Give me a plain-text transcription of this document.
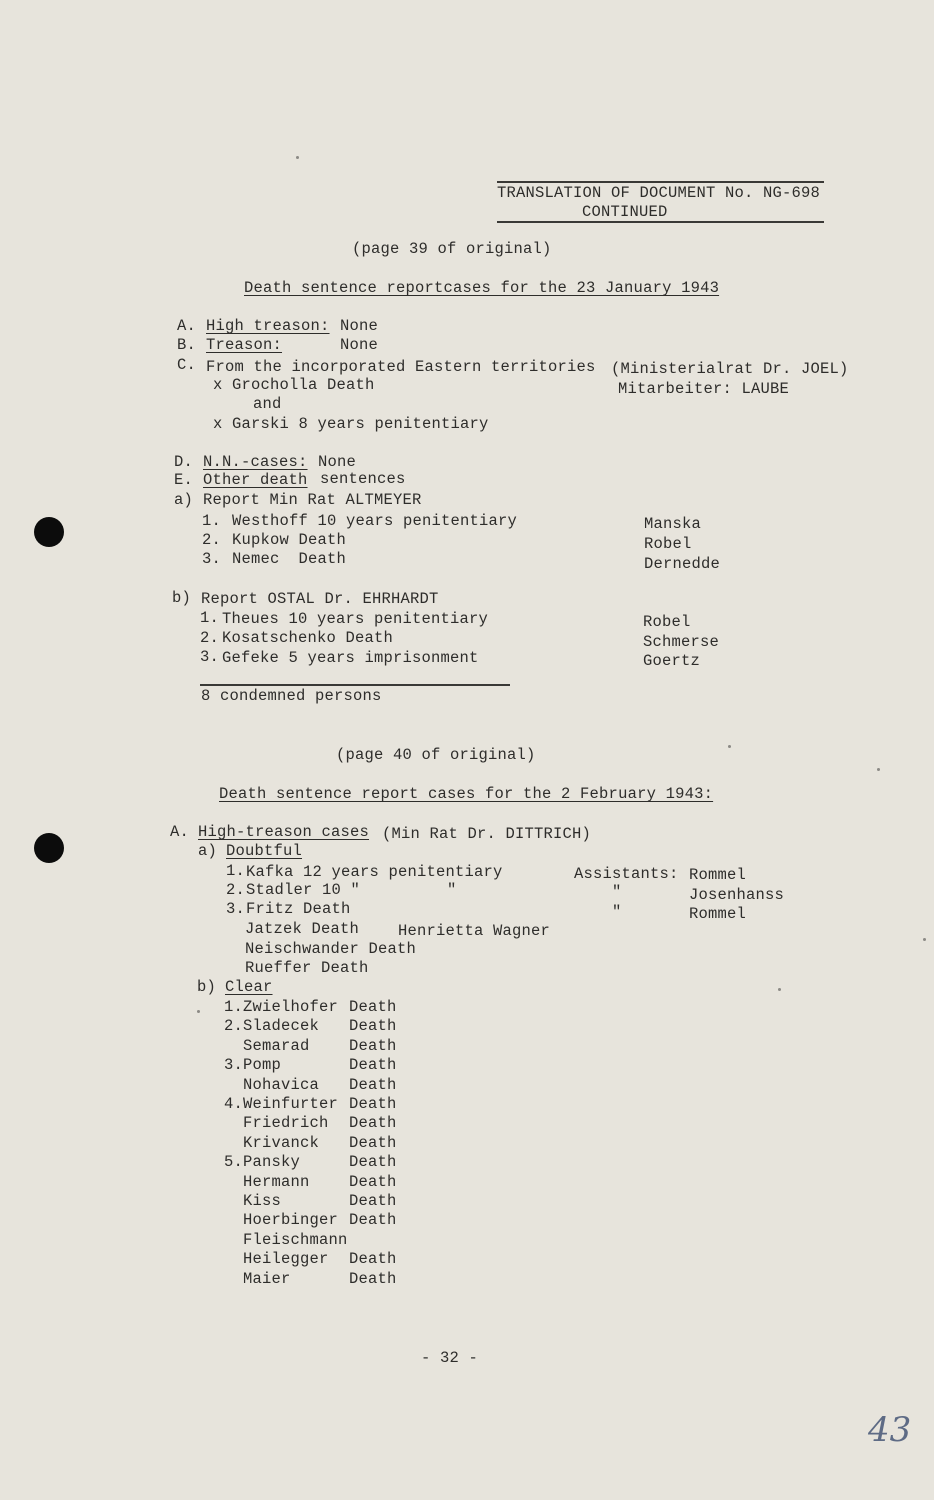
TRANSLATION OF DOCUMENT No. NG-698
CONTINUED
(page 39 of original)
Death sentence reportcases for the 23 January 1943
A. High treason: None
B. Treason:	None
C. From the incorporated Eastern territories (Ministerialrat Dr. JOEL)
Mitarbeiter: LAUBE
x Grocholla Death
and
x Garski 8 years penitentiary
D. N.N.-cases: None
E. Other death sentences
a) Report Min Rat ALTMEYER
1. Westhoff 10 years penitentiary	Manska
2. Kupkow Death	Robel
3. Nemec  Death	Dernedde
b) Report OSTAL Dr. EHRHARDT
1. Theues 10 years penitentiary	Robel
2. Kosatschenko Death	Schmerse
3. Gefeke 5 years imprisonment	Goertz
8 condemned persons
(page 40 of original)
Death sentence report cases for the 2 February 1943:
A. High-treason cases (Min Rat Dr. DITTRICH)
a) Doubtful
1. Kafka 12 years penitentiary	Assistants: Rommel
2. Stadler 10 "	"	"	Josenhanss
3. Fritz Death	"	Rommel
Jatzek Death	Henrietta Wagner
Neischwander Death
Rueffer Death
b) Clear
1. Zwielhofer Death
2. Sladecek Death
Semarad	Death
3. Pomp	Death
Nohavica Death
4. Weinfurter Death
Friedrich Death
Krivanck Death
5. Pansky	Death
Hermann	Death
Kiss	Death
Hoerbinger Death
Fleischmann
Heilegger Death
Maier	Death
- 32 -
43
